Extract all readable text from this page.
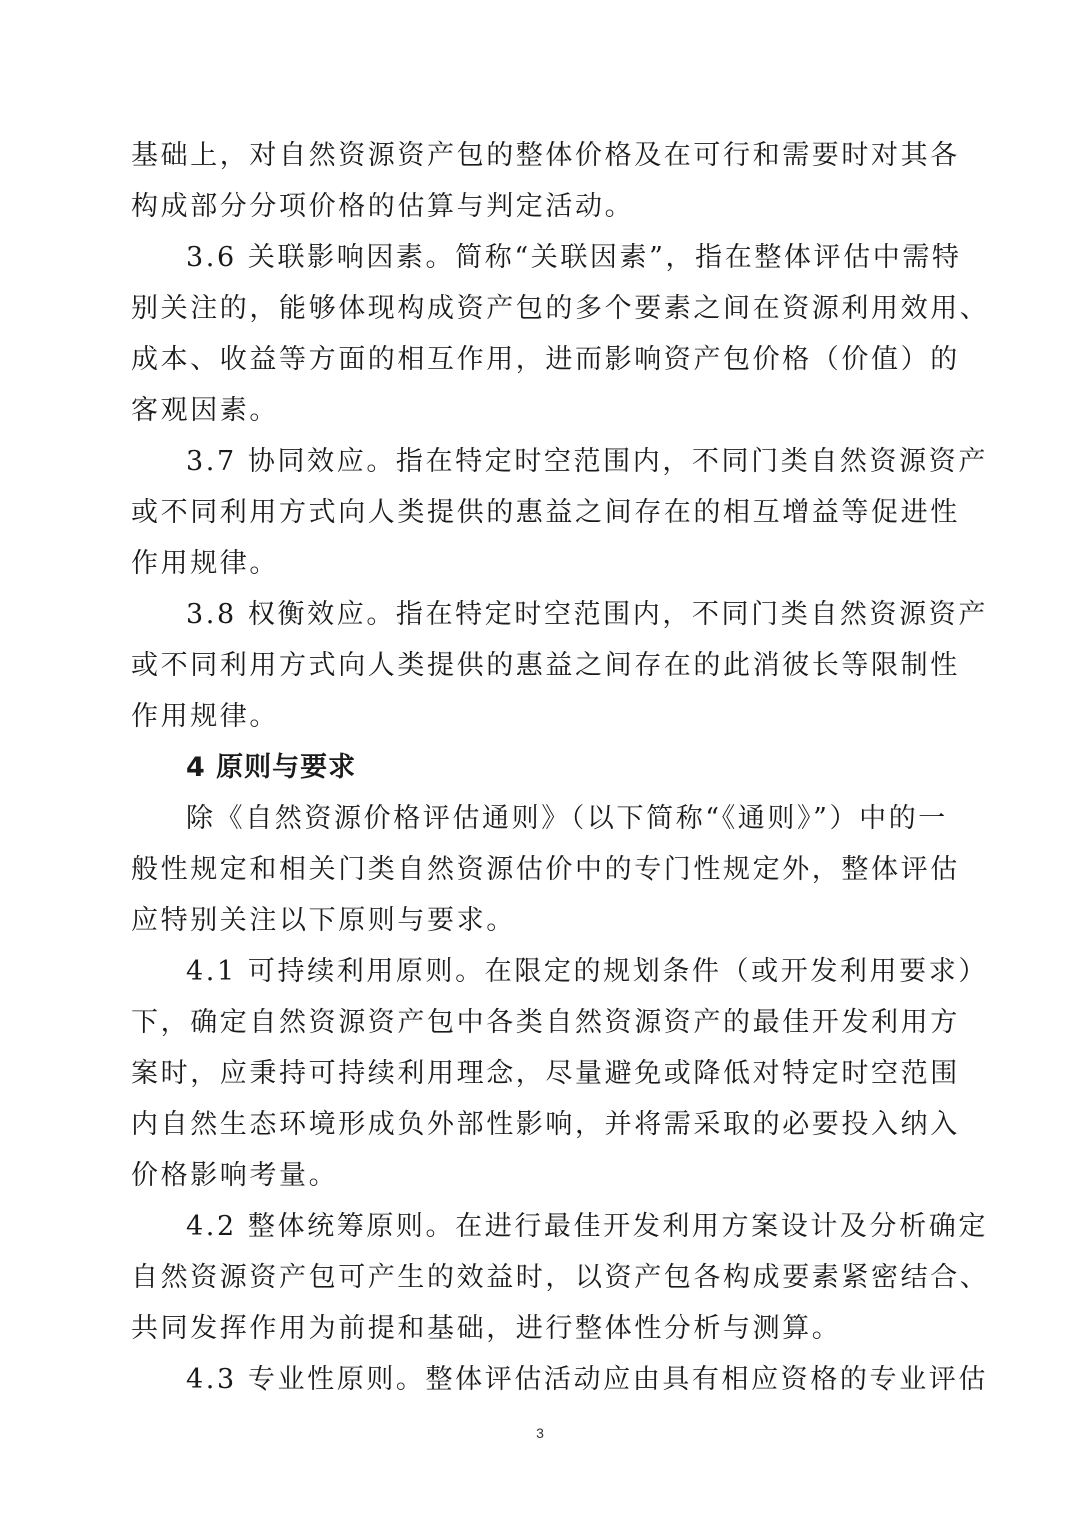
基础上，对自然资源资产包的整体价格及在可行和需要时对其各
构成部分分项价格的估算与判定活动。
3.6 关联影响因素。简称“关联因素”，指在整体评估中需特
别关注的，能够体现构成资产包的多个要素之间在资源利用效用、
成本、收益等方面的相互作用，进而影响资产包价格（价值）的
客观因素。
3.7 协同效应。指在特定时空范围内，不同门类自然资源资产
或不同利用方式向人类提供的惠益之间存在的相互增益等促进性
作用规律。
3.8 权衡效应。指在特定时空范围内，不同门类自然资源资产
或不同利用方式向人类提供的惠益之间存在的此消彼长等限制性
作用规律。
4 原则与要求
除《自然资源价格评估通则》（以下简称“《通则》”）中的一
般性规定和相关门类自然资源估价中的专门性规定外，整体评估
应特别关注以下原则与要求。
4.1 可持续利用原则。在限定的规划条件（或开发利用要求）
下，确定自然资源资产包中各类自然资源资产的最佳开发利用方
案时，应秉持可持续利用理念，尽量避免或降低对特定时空范围
内自然生态环境形成负外部性影响，并将需采取的必要投入纳入
价格影响考量。
4.2 整体统筹原则。在进行最佳开发利用方案设计及分析确定
自然资源资产包可产生的效益时，以资产包各构成要素紧密结合、
共同发挥作用为前提和基础，进行整体性分析与测算。
4.3 专业性原则。整体评估活动应由具有相应资格的专业评估
3
